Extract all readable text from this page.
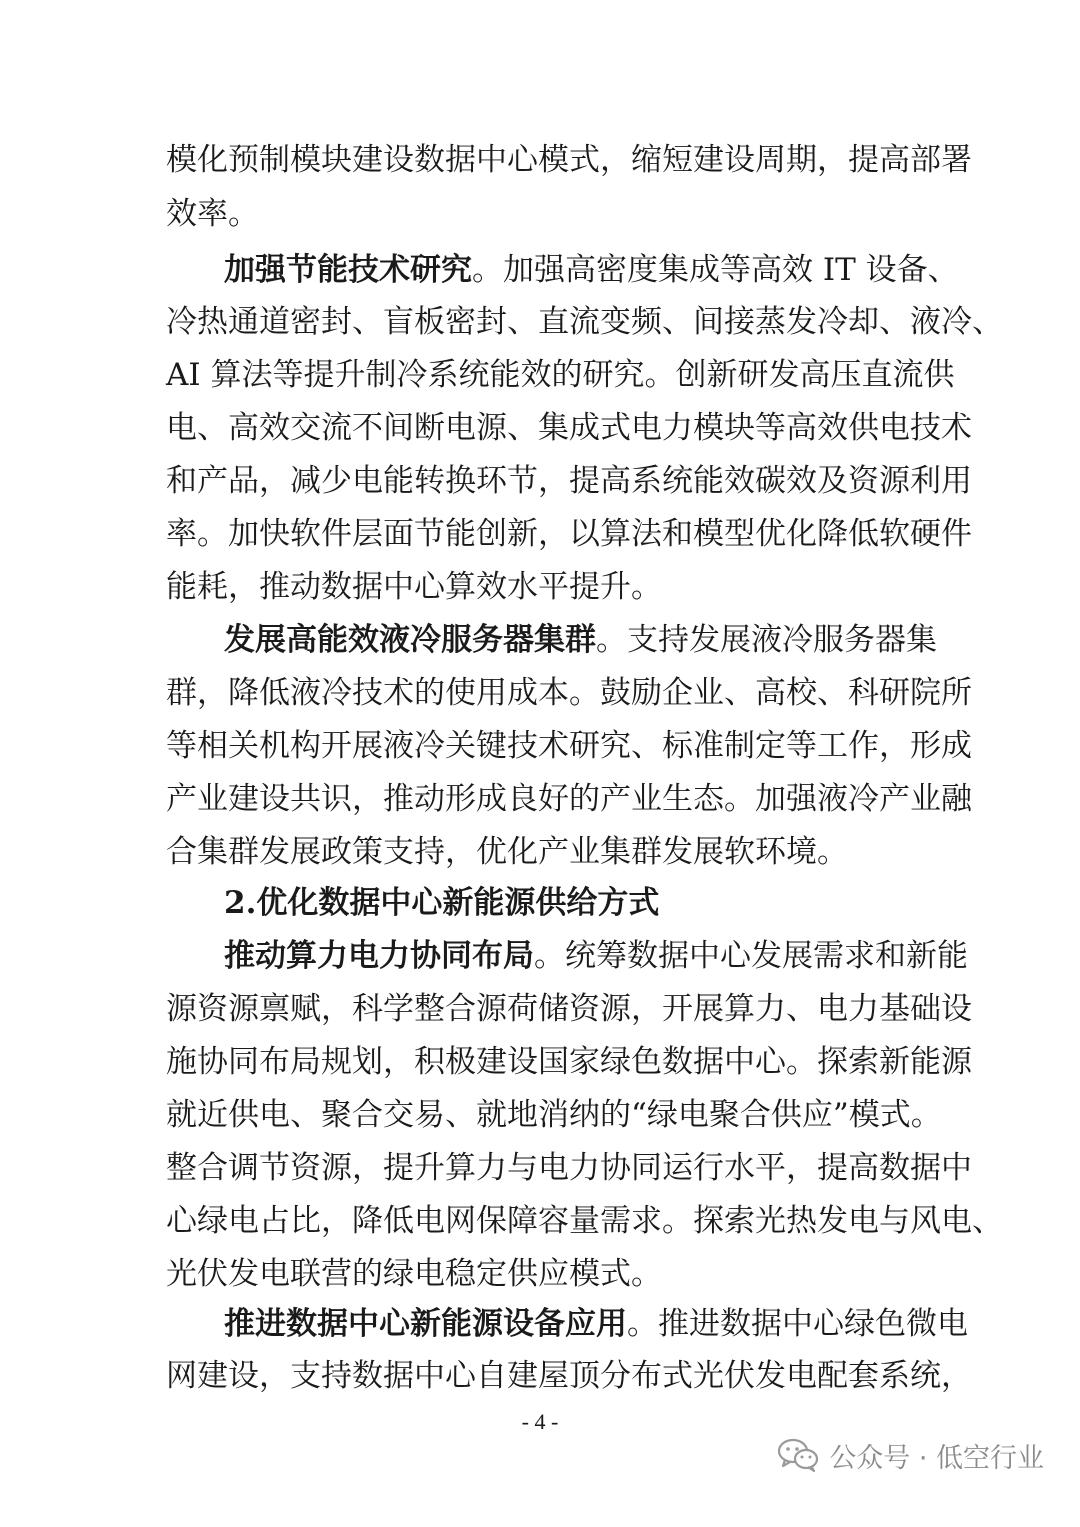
模化预制模块建设数据中心模式，缩短建设周期，提高部署
效率。
加强节能技术研究。加强高密度集成等高效 IT 设备、
冷热通道密封、盲板密封、直流变频、间接蒸发冷却、液冷、
AI 算法等提升制冷系统能效的研究。创新研发高压直流供
电、高效交流不间断电源、集成式电力模块等高效供电技术
和产品，减少电能转换环节，提高系统能效碳效及资源利用
率。加快软件层面节能创新，以算法和模型优化降低软硬件
能耗，推动数据中心算效水平提升。
发展高能效液冷服务器集群。支持发展液冷服务器集
群，降低液冷技术的使用成本。鼓励企业、高校、科研院所
等相关机构开展液冷关键技术研究、标准制定等工作，形成
产业建设共识，推动形成良好的产业生态。加强液冷产业融
合集群发展政策支持，优化产业集群发展软环境。
2.优化数据中心新能源供给方式
推动算力电力协同布局。统筹数据中心发展需求和新能
源资源禀赋，科学整合源荷储资源，开展算力、电力基础设
施协同布局规划，积极建设国家绿色数据中心。探索新能源
就近供电、聚合交易、就地消纳的“绿电聚合供应”模式。
整合调节资源，提升算力与电力协同运行水平，提高数据中
心绿电占比，降低电网保障容量需求。探索光热发电与风电、
光伏发电联营的绿电稳定供应模式。
推进数据中心新能源设备应用。推进数据中心绿色微电
网建设，支持数据中心自建屋顶分布式光伏发电配套系统，
- 4 -
公众号 · 低空行业
